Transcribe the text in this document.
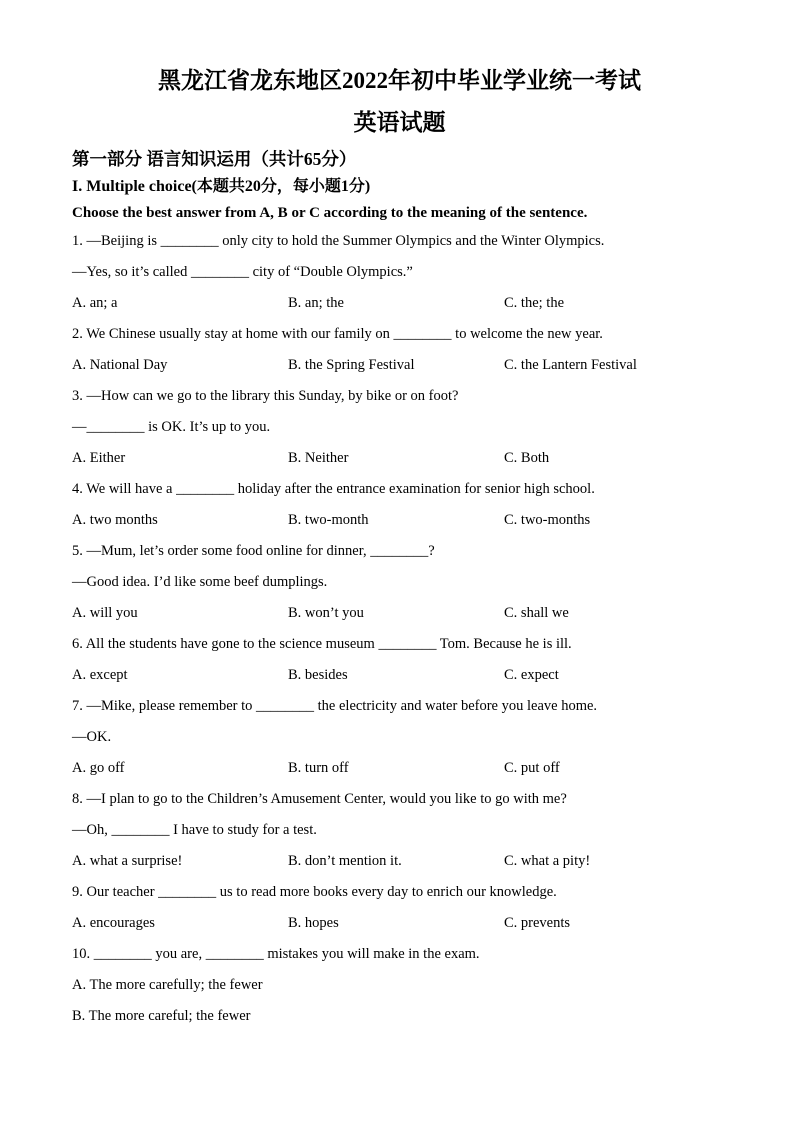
黑龙江省龙东地区2022年初中毕业学业统一考试
英语试题
第一部分 语言知识运用（共计65分）
I. Multiple choice(本题共20分，每小题1分)
Choose the best answer from A, B or C according to the meaning of the sentence.
1. —Beijing is ________ only city to hold the Summer Olympics and the Winter Olympics.
—Yes, so it’s called ________ city of “Double Olympics.”
A. an; a	B. an; the	C. the; the
2. We Chinese usually stay at home with our family on ________ to welcome the new year.
A. National Day	B. the Spring Festival	C. the Lantern Festival
3. —How can we go to the library this Sunday, by bike or on foot?
—________ is OK. It’s up to you.
A. Either	B. Neither	C. Both
4. We will have a ________ holiday after the entrance examination for senior high school.
A. two months	B. two-month	C. two-months
5. —Mum, let’s order some food online for dinner, ________?
—Good idea. I’d like some beef dumplings.
A. will you	B. won’t you	C. shall we
6. All the students have gone to the science museum ________ Tom. Because he is ill.
A. except	B. besides	C. expect
7. —Mike, please remember to ________ the electricity and water before you leave home.
—OK.
A. go off	B. turn off	C. put off
8. —I plan to go to the Children’s Amusement Center, would you like to go with me?
—Oh, ________ I have to study for a test.
A. what a surprise!	B. don’t mention it.	C. what a pity!
9. Our teacher ________ us to read more books every day to enrich our knowledge.
A. encourages	B. hopes	C. prevents
10. ________ you are, ________ mistakes you will make in the exam.
A. The more carefully; the fewer
B. The more careful; the fewer
